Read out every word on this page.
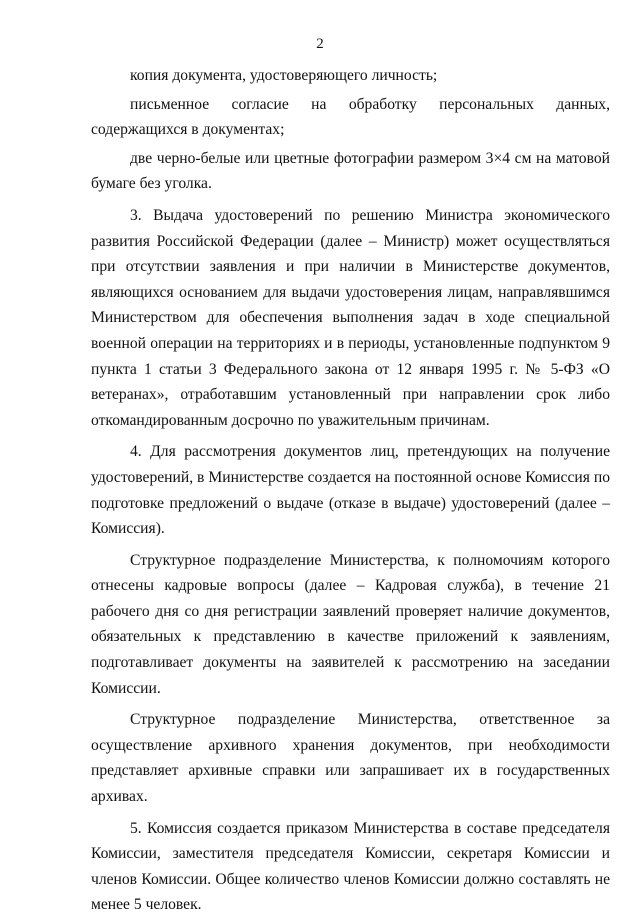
2

копия документа, удостоверяющего личность;

письменное согласие на обработку персональных данных, содержащихся в документах;

две черно-белые или цветные фотографии размером 3×4 см на матовой бумаге без уголка.

3. Выдача удостоверений по решению Министра экономического развития Российской Федерации (далее – Министр) может осуществляться при отсутствии заявления и при наличии в Министерстве документов, являющихся основанием для выдачи удостоверения лицам, направлявшимся Министерством для обеспечения выполнения задач в ходе специальной военной операции на территориях и в периоды, установленные подпунктом 9 пункта 1 статьи 3 Федерального закона от 12 января 1995 г. № 5-ФЗ «О ветеранах», отработавшим установленный при направлении срок либо откомандированным досрочно по уважительным причинам.

4. Для рассмотрения документов лиц, претендующих на получение удостоверений, в Министерстве создается на постоянной основе Комиссия по подготовке предложений о выдаче (отказе в выдаче) удостоверений (далее – Комиссия).

Структурное подразделение Министерства, к полномочиям которого отнесены кадровые вопросы (далее – Кадровая служба), в течение 21 рабочего дня со дня регистрации заявлений проверяет наличие документов, обязательных к представлению в качестве приложений к заявлениям, подготавливает документы на заявителей к рассмотрению на заседании Комиссии.

Структурное подразделение Министерства, ответственное за осуществление архивного хранения документов, при необходимости представляет архивные справки или запрашивает их в государственных архивах.

5. Комиссия создается приказом Министерства в составе председателя Комиссии, заместителя председателя Комиссии, секретаря Комиссии и членов Комиссии. Общее количество членов Комиссии должно составлять не менее 5 человек.
